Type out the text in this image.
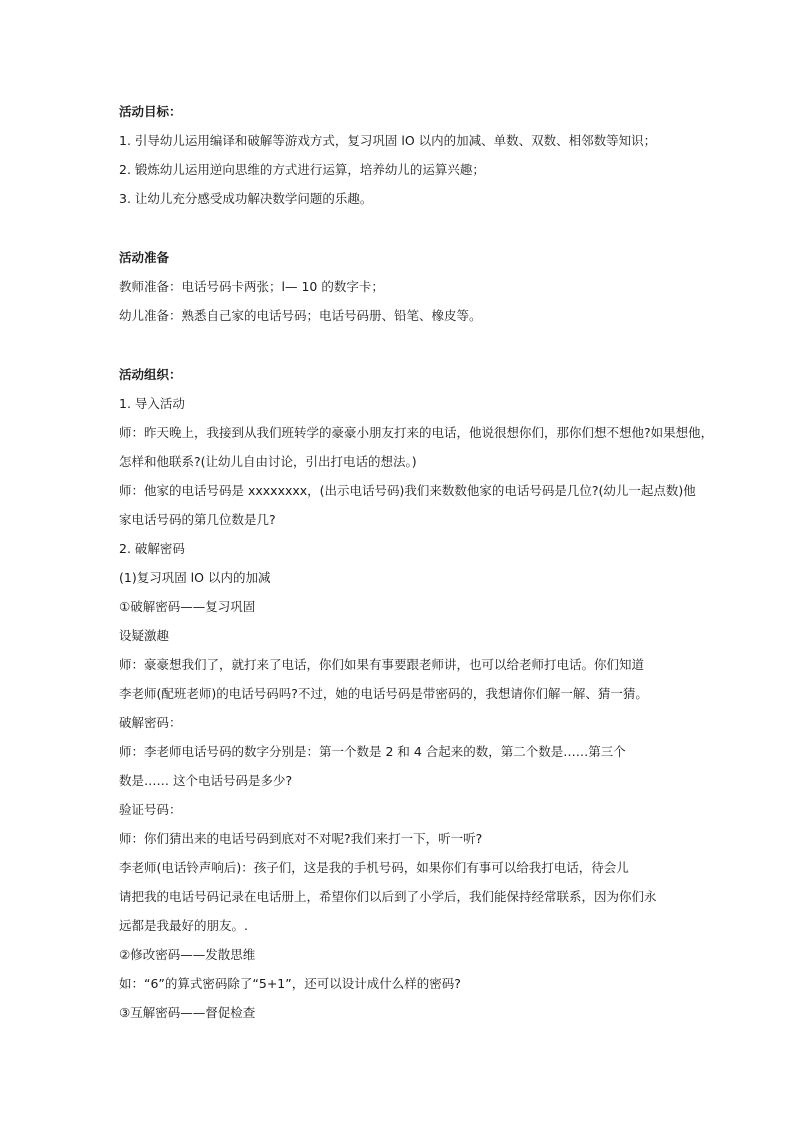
活动目标：
1. 引导幼儿运用编译和破解等游戏方式，复习巩固 lO 以内的加减、单数、双数、相邻数等知识；
2. 锻炼幼儿运用逆向思维的方式进行运算，培养幼儿的运算兴趣；
3. 让幼儿充分感受成功解决数学问题的乐趣。
活动准备
教师准备：电话号码卡两张；l— 10 的数字卡；
幼儿准备：熟悉自己家的电话号码；电话号码册、铅笔、橡皮等。
活动组织：
1. 导入活动
师：昨天晚上，我接到从我们班转学的豪豪小朋友打来的电话，他说很想你们，那你们想不想他?如果想他，
怎样和他联系?(让幼儿自由讨论，引出打电话的想法。)
师：他家的电话号码是 xxxxxxxx，(出示电话号码)我们来数数他家的电话号码是几位?(幼儿一起点数)他
家电话号码的第几位数是几?
2. 破解密码
(1)复习巩固 lO 以内的加减
①破解密码——复习巩固
设疑激趣
师：豪豪想我们了，就打来了电话，你们如果有事要跟老师讲，也可以给老师打电话。你们知道
李老师(配班老师)的电话号码吗?不过，她的电话号码是带密码的，我想请你们解一解、猜一猜。
破解密码：
师：李老师电话号码的数字分别是：第一个数是 2 和 4 合起来的数，第二个数是……第三个
数是…… 这个电话号码是多少?
验证号码：
师：你们猜出来的电话号码到底对不对呢?我们来打一下，听一听?
李老师(电话铃声响后)：孩子们，这是我的手机号码，如果你们有事可以给我打电话，待会儿
请把我的电话号码记录在电话册上，希望你们以后到了小学后，我们能保持经常联系，因为你们永
远都是我最好的朋友。.
②修改密码——发散思维
如：“6”的算式密码除了“5+1”，还可以设计成什么样的密码?
③互解密码——督促检查
